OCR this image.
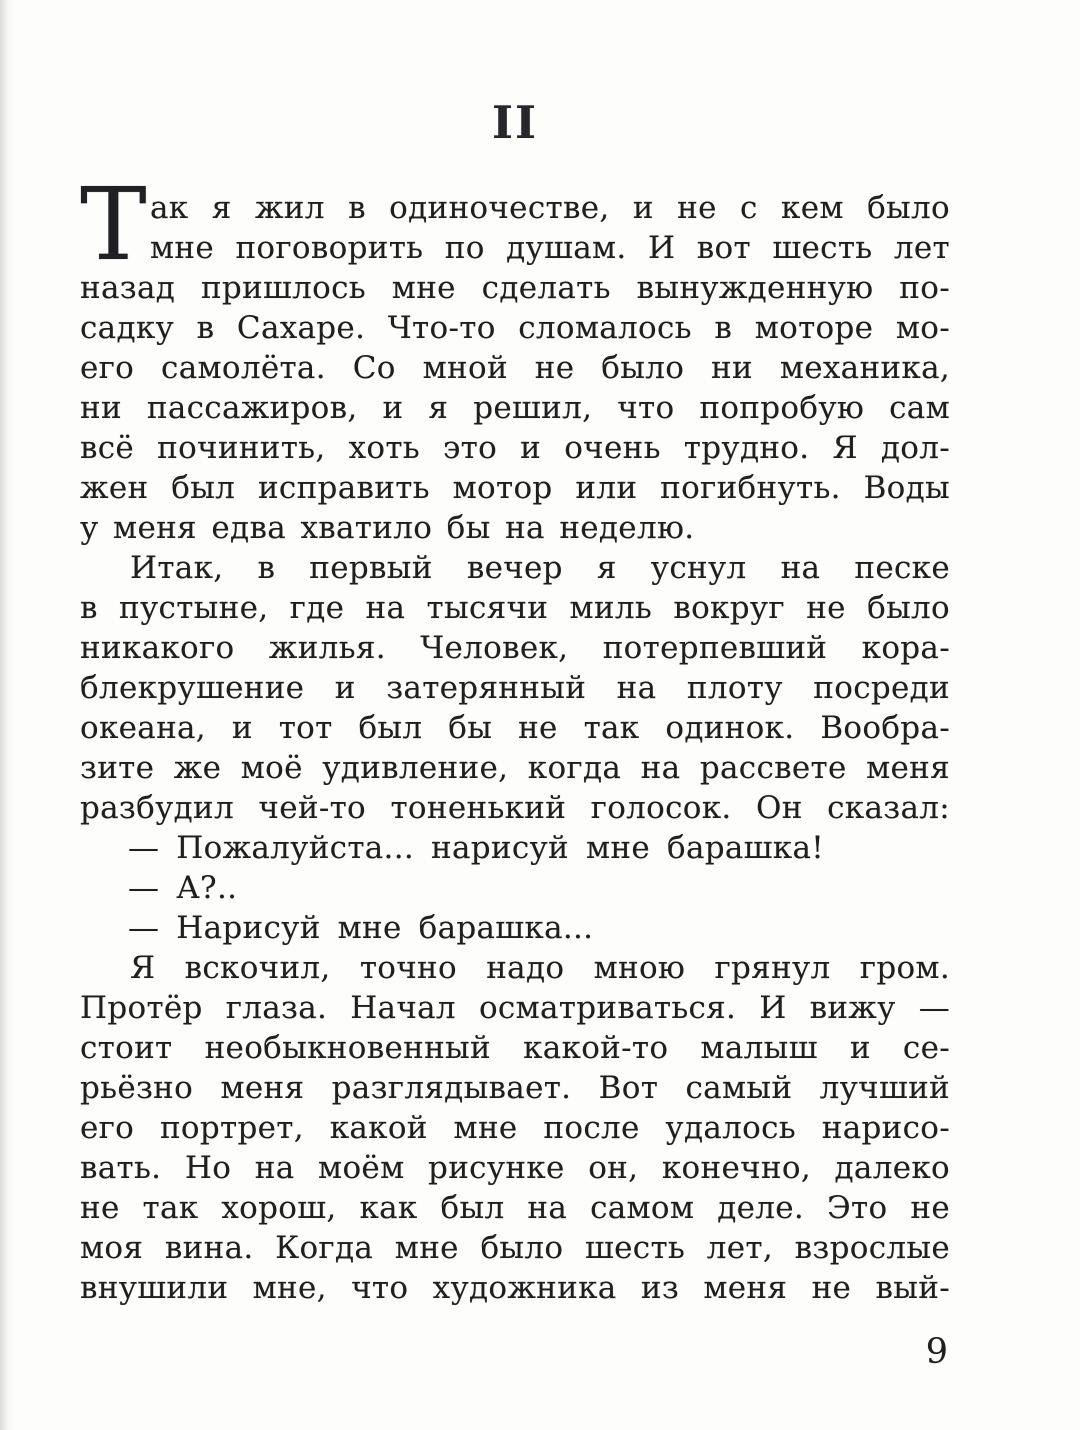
II
Т ак я жил в одиночестве, и не с кем было
мне поговорить по душам. И вот шесть лет
назад пришлось мне сделать вынужденную по-
садку в Сахаре. Что-то сломалось в моторе мо-
его самолёта. Со мной не было ни механика,
ни пассажиров, и я решил, что попробую сам
всё починить, хоть это и очень трудно. Я дол-
жен был исправить мотор или погибнуть. Воды
у меня едва хватило бы на неделю.
Итак, в первый вечер я уснул на песке
в пустыне, где на тысячи миль вокруг не было
никакого жилья. Человек, потерпевший кора-
блекрушение и затерянный на плоту посреди
океана, и тот был бы не так одинок. Вообра-
зите же моё удивление, когда на рассвете меня
разбудил чей-то тоненький голосок. Он сказал:
— Пожалуйста... нарисуй мне барашка!
— А?..
— Нарисуй мне барашка...
Я вскочил, точно надо мною грянул гром.
Протёр глаза. Начал осматриваться. И вижу —
стоит необыкновенный какой-то малыш и се-
рьёзно меня разглядывает. Вот самый лучший
его портрет, какой мне после удалось нарисо-
вать. Но на моём рисунке он, конечно, далеко
не так хорош, как был на самом деле. Это не
моя вина. Когда мне было шесть лет, взрослые
внушили мне, что художника из меня не вый-
9
